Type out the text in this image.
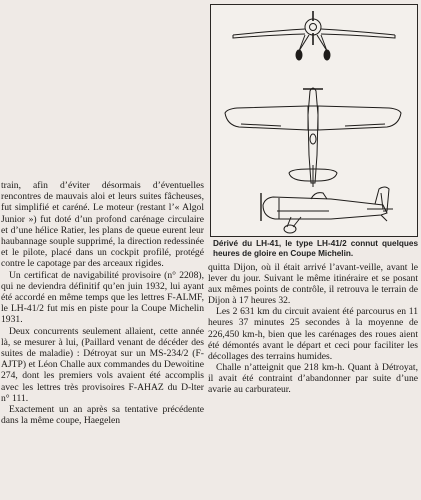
train, afin d’éviter désormais d’éventuelles rencontres de mauvais aloi et leurs suites fâcheuses, fut simplifié et caréné. Le moteur (restant l’« Algol Junior ») fut doté d’un profond carénage circulaire et d’une hélice Ratier, les plans de queue eurent leur haubannage souple supprimé, la direction redessinée et le pilote, placé dans un cockpit profilé, protégé contre le capotage par des arceaux rigides.

Un certificat de navigabilité provisoire (n° 2208), qui ne deviendra définitif qu’en juin 1932, lui ayant été accordé en même temps que les lettres F-ALMF, le LH-41/2 fut mis en piste pour la Coupe Michelin 1931.

Deux concurrents seulement allaient, cette année là, se mesurer à lui, (Paillard venant de décéder des suites de maladie) : Détroyat sur un MS-234/2 (F-AJTP) et Léon Challe aux commandes du Dewoitine 274, dont les premiers vols avaient été accomplis avec les lettres très provisoires F-AHAZ du D-lter n° 111.

Exactement un an après sa tentative précédente dans la même coupe, Haegelen

Dérivé du LH-41, le type LH-41/2 connut quelques heures de gloire en Coupe Michelin.

quitta Dijon, où il était arrivé l’avant-veille, avant le lever du jour. Suivant le même itinéraire et se posant aux mêmes points de contrôle, il retrouva le terrain de Dijon à 17 heures 32.

Les 2 631 km du circuit avaient été parcourus en 11 heures 37 minutes 25 secondes à la moyenne de 226,450 km-h, bien que les carénages des roues aient été démontés avant le départ et ceci pour faciliter les décollages des terrains humides.

Challe n’atteignit que 218 km-h. Quant à Détroyat, il avait été contraint d’abandonner par suite d’une avarie au carburateur.
